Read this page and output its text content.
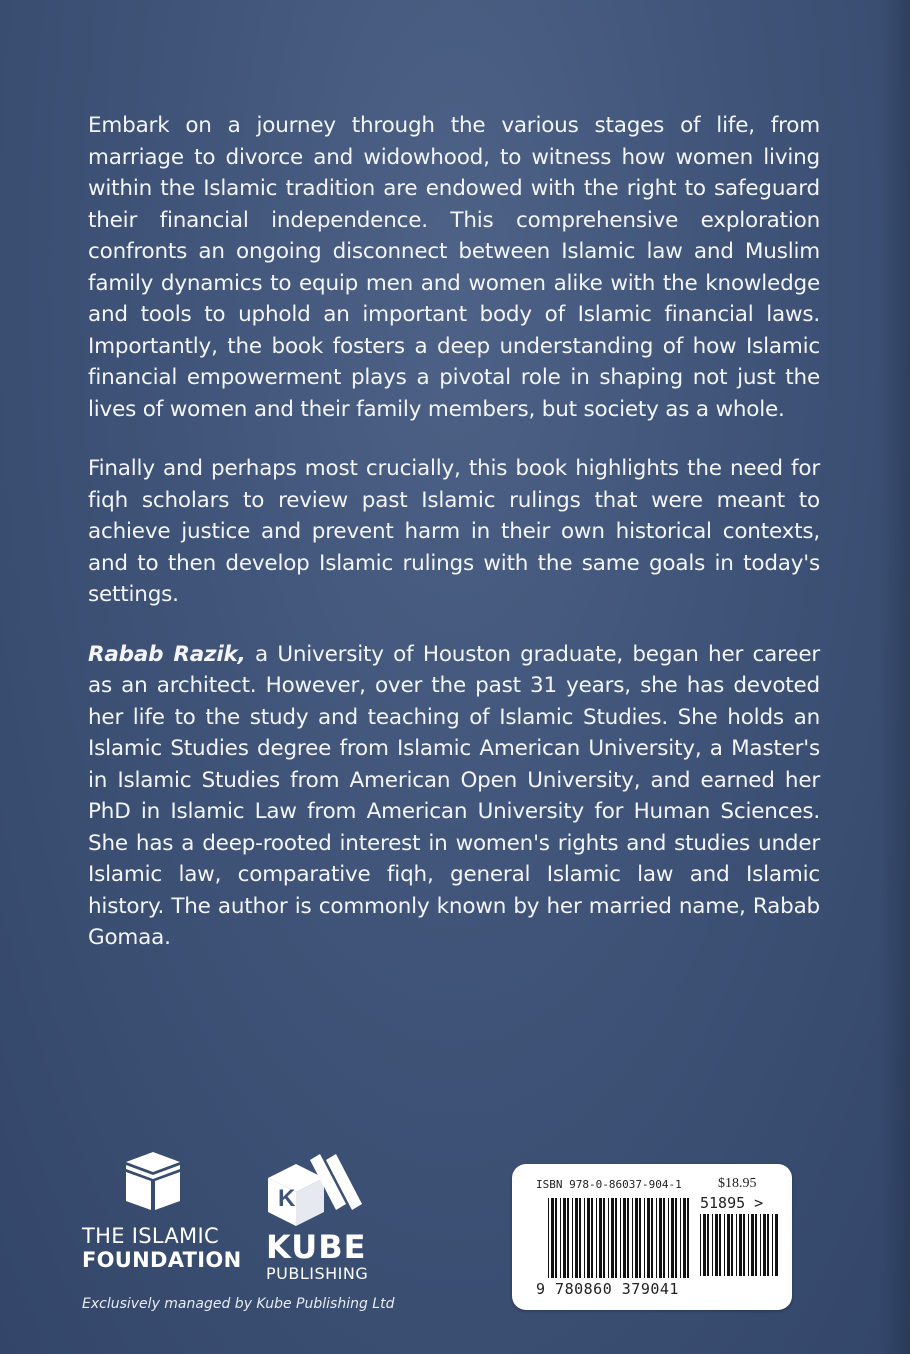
Embark on a journey through the various stages of life, from marriage to divorce and widowhood, to witness how women living within the Islamic tradition are endowed with the right to safeguard their financial independence. This comprehensive exploration confronts an ongoing disconnect between Islamic law and Muslim family dynamics to equip men and women alike with the knowledge and tools to uphold an important body of Islamic financial laws. Importantly, the book fosters a deep understanding of how Islamic financial empowerment plays a pivotal role in shaping not just the lives of women and their family members, but society as a whole.

Finally and perhaps most crucially, this book highlights the need for fiqh scholars to review past Islamic rulings that were meant to achieve justice and prevent harm in their own historical contexts, and to then develop Islamic rulings with the same goals in today's settings.

Rabab Razik, a University of Houston graduate, began her career as an architect. However, over the past 31 years, she has devoted her life to the study and teaching of Islamic Studies. She holds an Islamic Studies degree from Islamic American University, a Master's in Islamic Studies from American Open University, and earned her PhD in Islamic Law from American University for Human Sciences. She has a deep-rooted interest in women's rights and studies under Islamic law, comparative fiqh, general Islamic law and Islamic history. The author is commonly known by her married name, Rabab Gomaa.

THE ISLAMIC
FOUNDATION
K
KUBE
PUBLISHING
Exclusively managed by Kube Publishing Ltd
ISBN 978-0-86037-904-1	$18.95
51895 >
9 780860 379041
